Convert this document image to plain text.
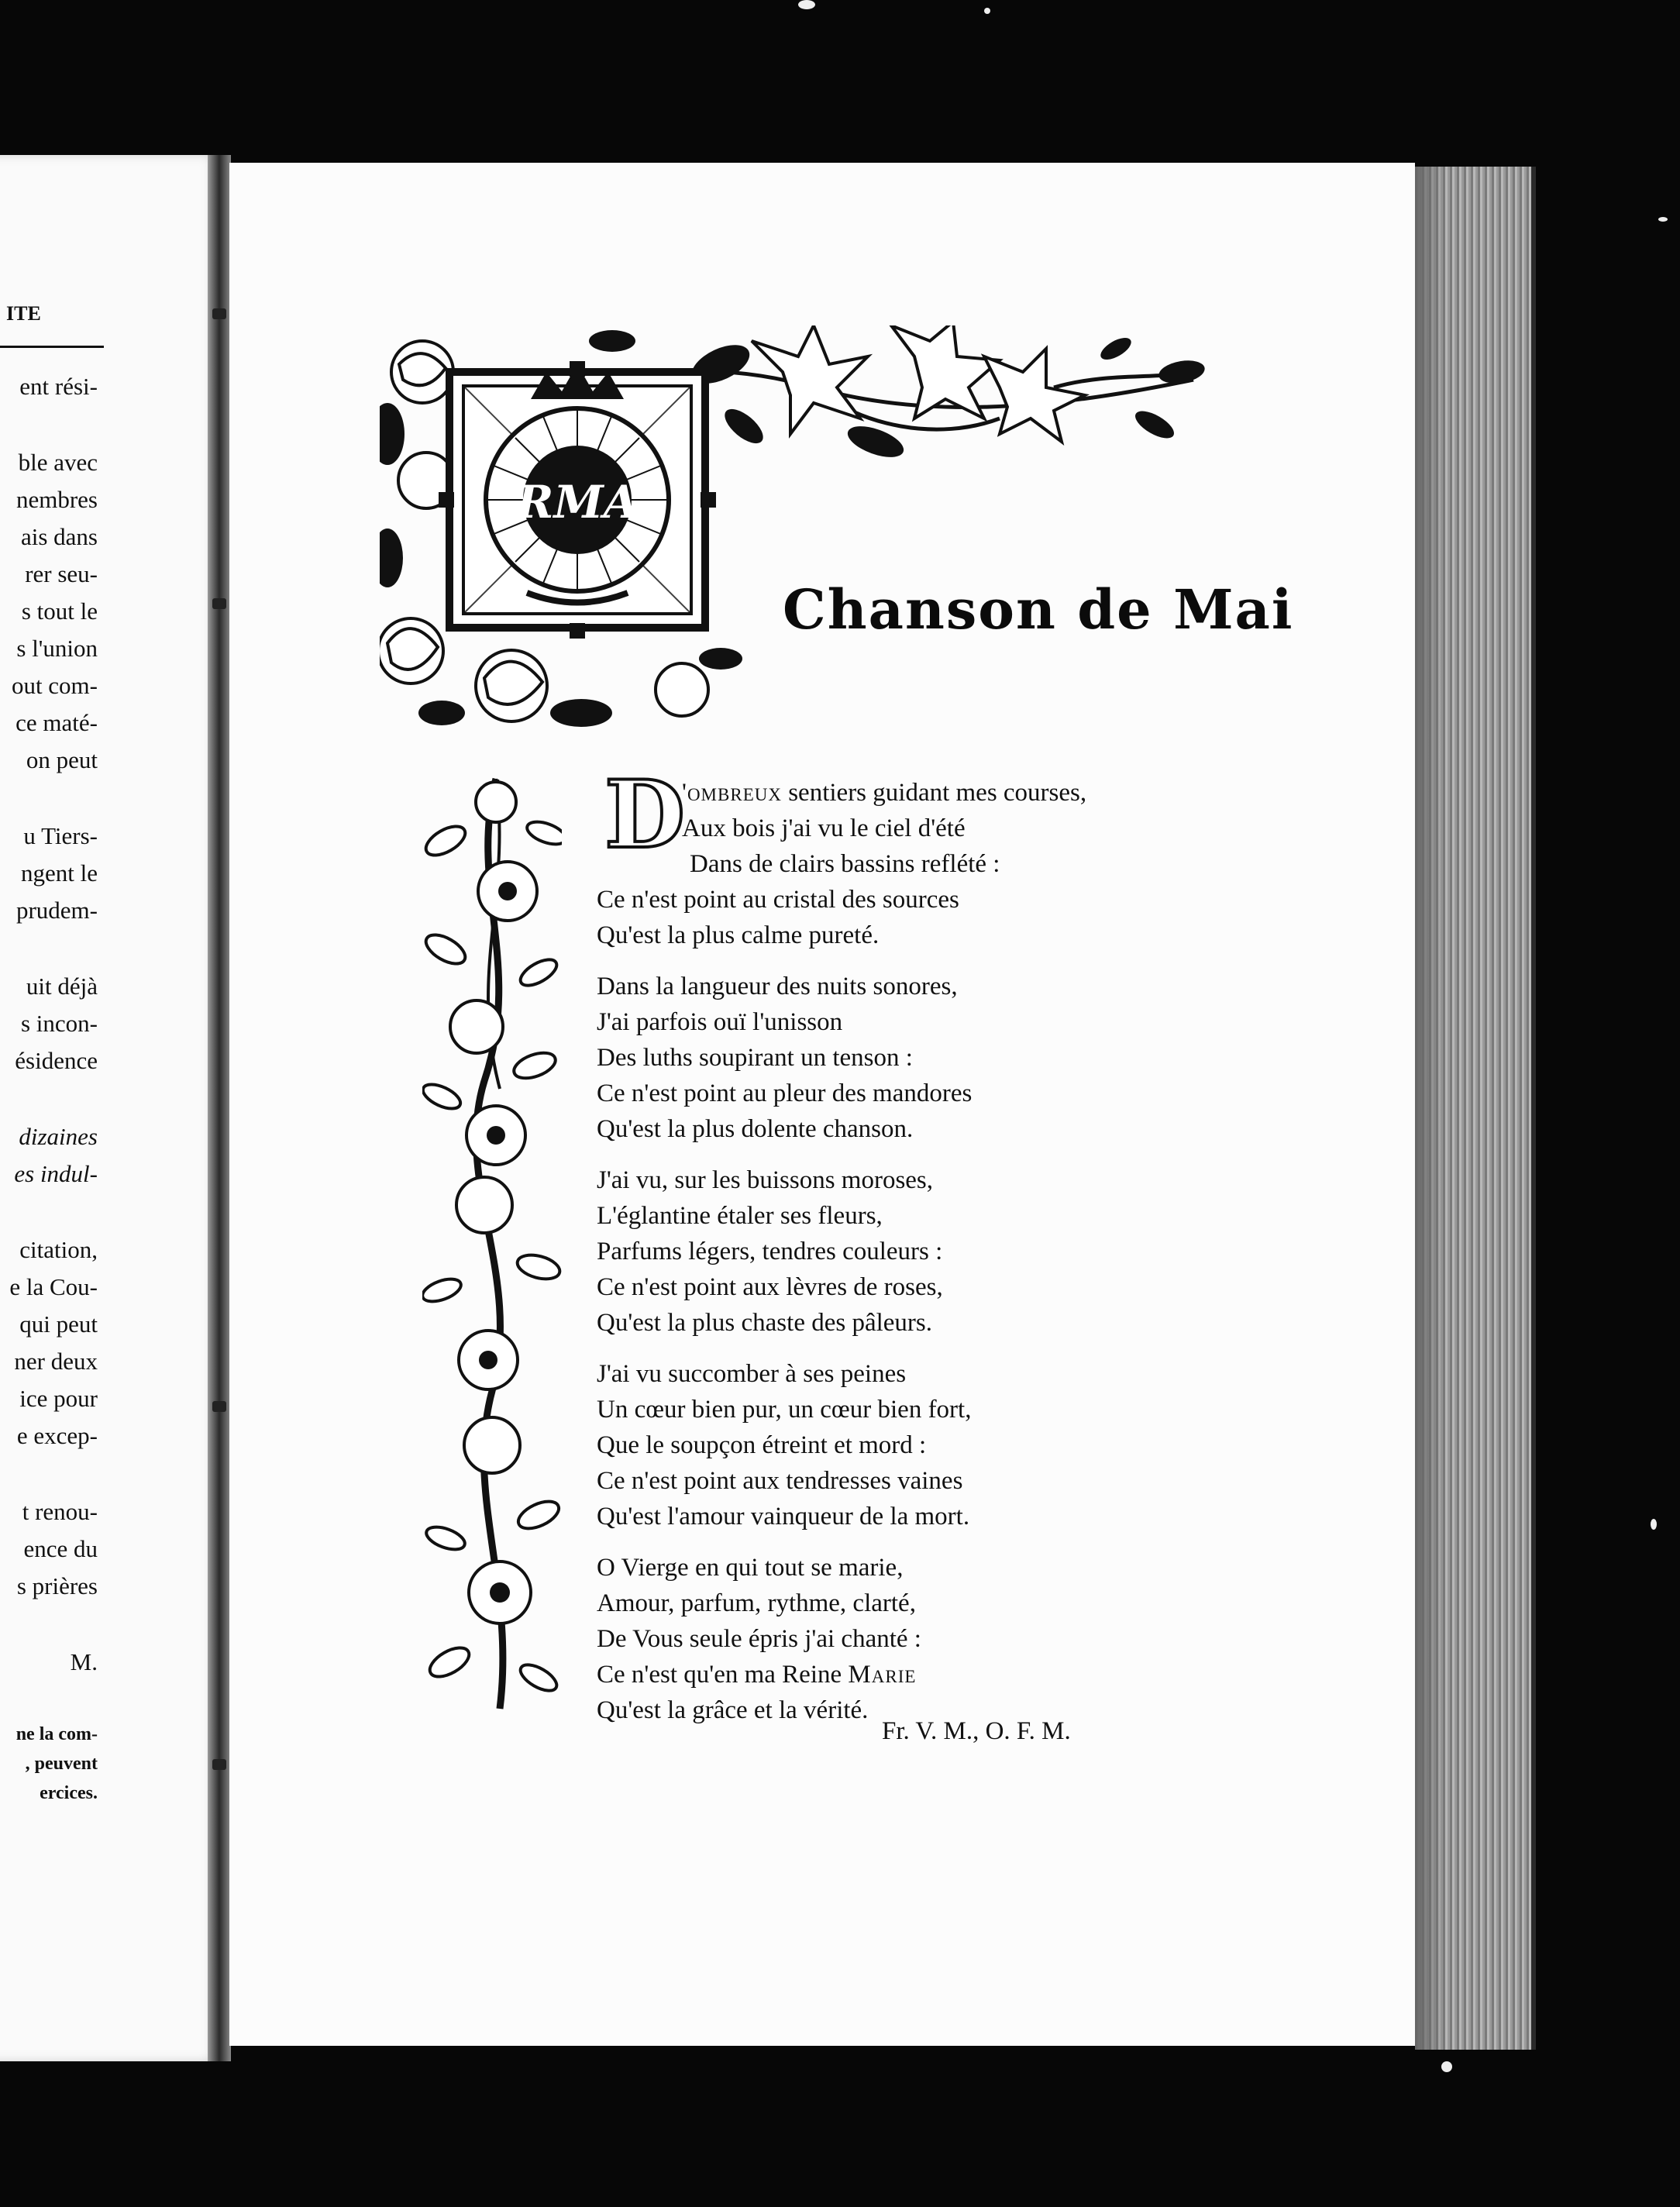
ITE
ent rési-
ble avec
nembres
ais dans
rer seu-
s tout le
s l'union
out com-
ce maté-
on peut
u Tiers-
ngent le
prudem-
uit déjà
s incon-
ésidence
dizaines
es indul-
citation,
e la Cou-
qui peut
ner deux
ice pour
e excep-
t renou-
ence du
s prières
M.
ne la com-
, peuvent
ercices.
RMA
Chanson de Mai
D
'ombreux sentiers guidant mes courses,
Aux bois j'ai vu le ciel d'été
Dans de clairs bassins reflété :
Ce n'est point au cristal des sources
Qu'est la plus calme pureté.
Dans la langueur des nuits sonores,
J'ai parfois ouï l'unisson
Des luths soupirant un tenson :
Ce n'est point au pleur des mandores
Qu'est la plus dolente chanson.
J'ai vu, sur les buissons moroses,
L'églantine étaler ses fleurs,
Parfums légers, tendres couleurs :
Ce n'est point aux lèvres de roses,
Qu'est la plus chaste des pâleurs.
J'ai vu succomber à ses peines
Un cœur bien pur, un cœur bien fort,
Que le soupçon étreint et mord :
Ce n'est point aux tendresses vaines
Qu'est l'amour vainqueur de la mort.
O Vierge en qui tout se marie,
Amour, parfum, rythme, clarté,
De Vous seule épris j'ai chanté :
Ce n'est qu'en ma Reine Marie
Qu'est la grâce et la vérité.
Fr. V. M., O. F. M.
